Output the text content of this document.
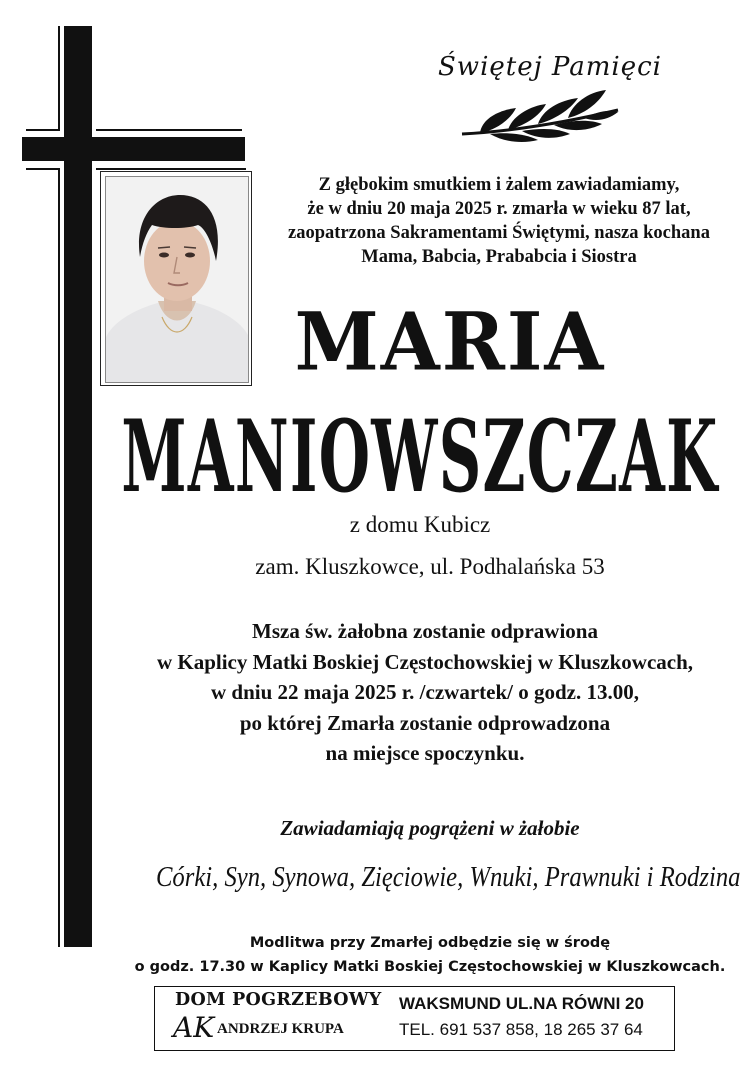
Świętej Pamięci
Z głębokim smutkiem i żalem zawiadamiamy,
że w dniu 20 maja 2025 r. zmarła w wieku 87 lat,
zaopatrzona Sakramentami Świętymi, nasza kochana
Mama, Babcia, Prababcia i Siostra
MARIA
MANIOWSZCZAK
z domu Kubicz
zam. Kluszkowce, ul. Podhalańska 53
Msza św. żałobna zostanie odprawiona
w Kaplicy Matki Boskiej Częstochowskiej w Kluszkowcach,
w dniu 22 maja 2025 r. /czwartek/ o godz. 13.00,
po której Zmarła zostanie odprowadzona
na miejsce spoczynku.
Zawiadamiają pogrążeni w żałobie
Córki, Syn, Synowa, Zięciowie, Wnuki, Prawnuki i Rodzina
Modlitwa przy Zmarłej odbędzie się w środę
o godz. 17.30 w Kaplicy Matki Boskiej Częstochowskiej w Kluszkowcach.
DOM POGRZEBOWY
AK ANDRZEJ KRUPA
WAKSMUND UL.NA RÓWNI 20
TEL. 691 537 858, 18 265 37 64
